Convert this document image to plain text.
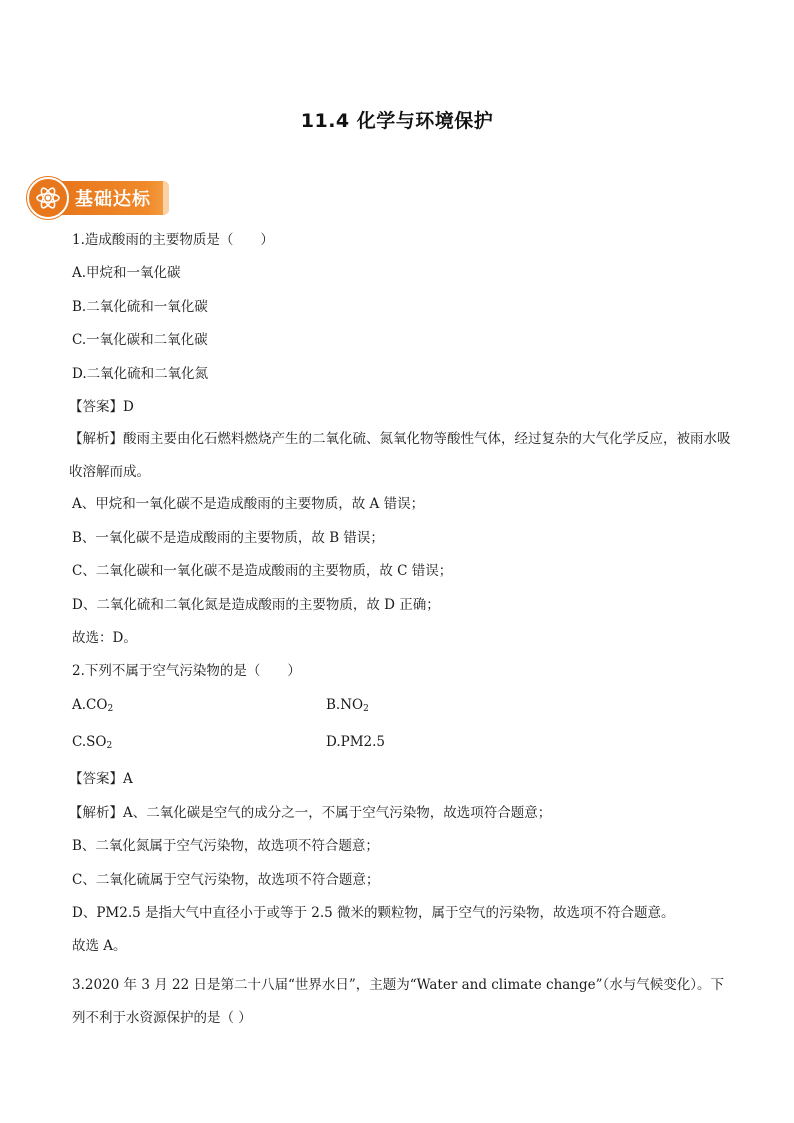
11.4 化学与环境保护
基础达标
1.造成酸雨的主要物质是（　　）
A.甲烷和一氧化碳
B.二氧化硫和一氧化碳
C.一氧化碳和二氧化碳
D.二氧化硫和二氧化氮
【答案】D
【解析】酸雨主要由化石燃料燃烧产生的二氧化硫、氮氧化物等酸性气体，经过复杂的大气化学反应，被雨水吸收溶解而成。
A、甲烷和一氧化碳不是造成酸雨的主要物质，故 A 错误；
B、一氧化碳不是造成酸雨的主要物质，故 B 错误；
C、二氧化碳和一氧化碳不是造成酸雨的主要物质，故 C 错误；
D、二氧化硫和二氧化氮是造成酸雨的主要物质，故 D 正确；
故选：D。
2.下列不属于空气污染物的是（　　）
$A.CO_2$	$B.NO_2$
$C.SO_2$	D.PM2.5
【答案】A
【解析】A、二氧化碳是空气的成分之一，不属于空气污染物，故选项符合题意；
B、二氧化氮属于空气污染物，故选项不符合题意；
C、二氧化硫属于空气污染物，故选项不符合题意；
D、PM2.5 是指大气中直径小于或等于 2.5 微米的颗粒物，属于空气的污染物，故选项不符合题意。
故选 A。
3.2020 年 3 月 22 日是第二十八届“世界水日”，主题为“Water and climate change”（水与气候变化）。下列不利于水资源保护的是（ ）
